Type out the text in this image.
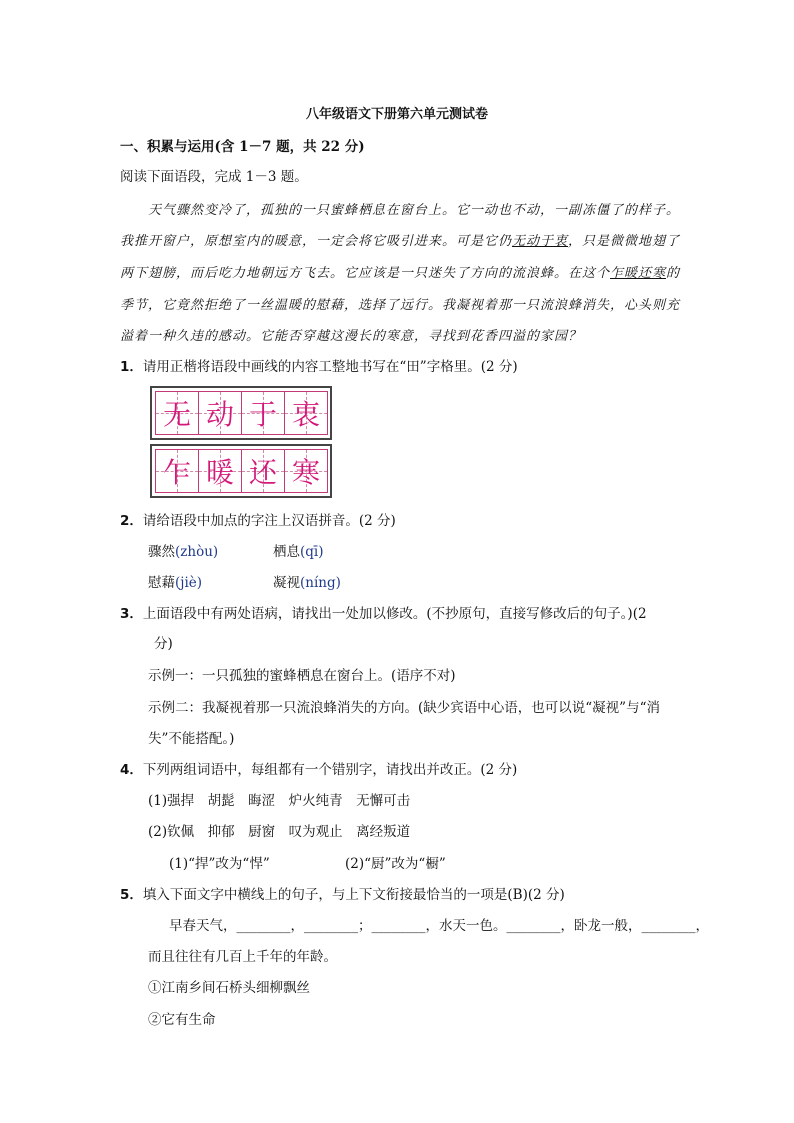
八年级语文下册第六单元测试卷
一、积累与运用(含 1－7 题，共 22 分)
阅读下面语段，完成 1－3 题。
天气骤然变冷了，孤独的一只蜜蜂栖息在窗台上。它一动也不动，一副冻僵了的样子。
我推开窗户，原想室内的暖意，一定会将它吸引进来。可是它仍无动于衷，只是微微地翅了
两下翅膀，而后吃力地朝远方飞去。它应该是一只迷失了方向的流浪蜂。在这个乍暖还寒的
季节，它竟然拒绝了一丝温暖的慰藉，选择了远行。我凝视着那一只流浪蜂消失，心头则充
溢着一种久违的感动。它能否穿越这漫长的寒意，寻找到花香四溢的家园？
1．请用正楷将语段中画线的内容工整地书写在“田”字格里。(2 分)
无 动 于 衷
乍 暖 还 寒
2．请给语段中加点的字注上汉语拼音。(2 分)
骤然(zhòu)	栖息(qī)
慰藉(jiè)	凝视(níng)
3．上面语段中有两处语病，请找出一处加以修改。(不抄原句，直接写修改后的句子。)(2
分)
示例一：一只孤独的蜜蜂栖息在窗台上。(语序不对)
示例二：我凝视着那一只流浪蜂消失的方向。(缺少宾语中心语，也可以说“凝视”与“消
失”不能搭配。)
4．下列两组词语中，每组都有一个错别字，请找出并改正。(2 分)
(1)强捍　胡髭　晦涩　炉火纯青　无懈可击
(2)钦佩　抑郁　厨窗　叹为观止　离经叛道
(1)“捍”改为“悍”	(2)“厨”改为“橱”
5．填入下面文字中横线上的句子，与上下文衔接最恰当的一项是(B)(2 分)
早春天气，________，________；________，水天一色。________，卧龙一般，________，
而且往往有几百上千年的年龄。
①江南乡间石桥头细柳飘丝
②它有生命
